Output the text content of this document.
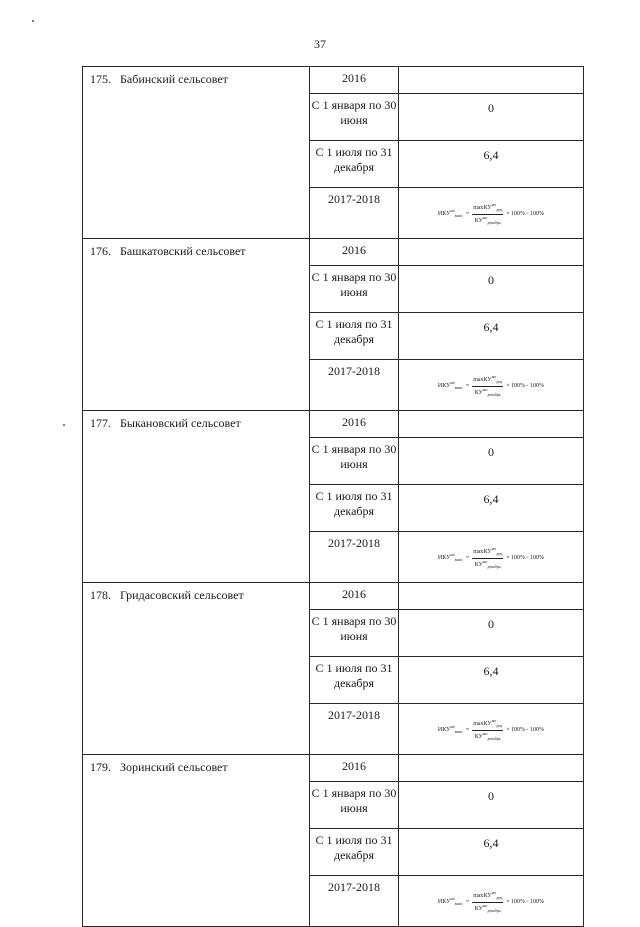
37
175. Бабинский сельсовет	2016	
	С 1 января по 30 июня	0
	С 1 июля по 31 декабря	6,4
	2017-2018	$ИКУ^{мо}_{макс} = \frac{\max КУ^{мо}_{дец}}{КУ^{мо}_{декабрь}} \times 100\% - 100\%$

176. Башкатовский сельсовет	2016	
	С 1 января по 30 июня	0
	С 1 июля по 31 декабря	6,4
	2017-2018	$ИКУ^{мо}_{макс} = \frac{\max КУ^{мо}_{дец}}{КУ^{мо}_{декабрь}} \times 100\% - 100\%$

177. Быкановский сельсовет	2016	
	С 1 января по 30 июня	0
	С 1 июля по 31 декабря	6,4
	2017-2018	$ИКУ^{мо}_{макс} = \frac{\max КУ^{мо}_{дец}}{КУ^{мо}_{декабрь}} \times 100\% - 100\%$

178. Гридасовский сельсовет	2016	
	С 1 января по 30 июня	0
	С 1 июля по 31 декабря	6,4
	2017-2018	$ИКУ^{мо}_{макс} = \frac{\max КУ^{мо}_{дец}}{КУ^{мо}_{декабрь}} \times 100\% - 100\%$

179. Зоринский сельсовет	2016	
	С 1 января по 30 июня	0
	С 1 июля по 31 декабря	6,4
	2017-2018	$ИКУ^{мо}_{макс} = \frac{\max КУ^{мо}_{дец}}{КУ^{мо}_{декабрь}} \times 100\% - 100\%$
